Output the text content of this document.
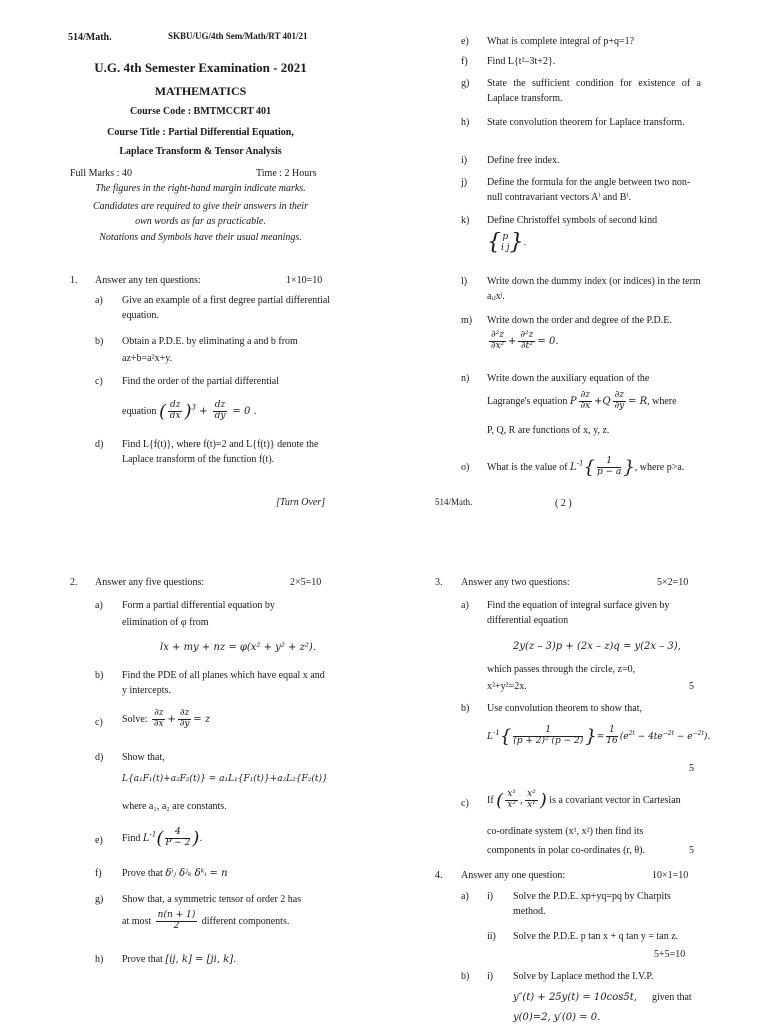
514/Math.	SKBU/UG/4th Sem/Math/RT 401/21
U.G. 4th Semester Examination - 2021
MATHEMATICS
Course Code : BMTMCCRT 401
Course Title : Partial Differential Equation,
Laplace Transform & Tensor Analysis
Full Marks : 40	Time : 2 Hours
The figures in the right-hand margin indicate marks.
Candidates are required to give their answers in their
own words as far as practicable.
Notations and Symbols have their usual meanings.
1. Answer any ten questions:	1×10=10
a) Give an example of a first degree partial differential equation.
b) Obtain a P.D.E. by eliminating a and b from
az+b=a²x+y.
c) Find the order of the partial differential
equation ( $\frac{dz}{dx} )^3 + \frac{dz}{dy} = 0$ .
d) Find L{f(t)}, where f(t)=2 and L{f(t)} denote the Laplace transform of the function f(t).
[Turn Over]
e) What is complete integral of p+q=1?
f) Find L{t²–3t+2}.
g) State the sufficient condition for existence of a Laplace transform.
h) State convolution theorem for Laplace transform.
i) Define free index.
j) Define the formula for the angle between two non-null contravariant vectors Aⁱ and Bⁱ.
k) Define Christoffel symbols of second kind
{p
i j}.
l) Write down the dummy index (or indices) in the term aᵢⱼxʲ.
m) Write down the order and degree of the P.D.E.
$\frac{\text{∂²z}}{\text{∂x²}} + \frac{\text{∂²z}}{\text{∂t²}} = 0$.
n) Write down the auxiliary equation of the
Lagrange's equation P $\frac{\partial z}{\partial x} +Q \frac{\partial z}{\partial y} = R$, where
P, Q, R are functions of x, y, z.
o) What is the value of $L^{-1}\{ \frac{1}{p - a}$ }, where p>a.
514/Math.	( 2 )
2. Answer any five questions:	2×5=10
a) Form a partial differential equation by
elimination of φ from
lx + my + nz = φ(x² + y² + z²).
b) Find the PDE of all planes which have equal x and y intercepts.
c) Solve: $\frac{\partial z}{\partial x} + \frac{\partial z}{\partial y} = z$
d) Show that,
L{a₁F₁(t)+a₂F₂(t)} = a₁L₁{F₁(t)}+a₂L₂{F₂(t)}
where a₁, a₂ are constants.
e) Find $L^{-1}( \frac{4}{P - 2}$ ).
f) Prove that δⁱⱼ δʲₖ δᵏᵢ = n
g) Show that, a symmetric tensor of order 2 has
at most $\frac{n(n + 1)}{2}$ different components.
h) Prove that [ij, k] = [ji, k].
3. Answer any two questions:	5×2=10
a) Find the equation of integral surface given by differential equation
2y(z – 3)p + (2x – z)q = y(2x – 3),
which passes through the circle, z=0,
x²+y²=2x.	5
b) Use convolution theorem to show that,
$L^{-1}\{ \frac{1}{\text{(p + 2)² (p − 2)}}$ }= $\frac{1}{16} (e^{2t} - 4te^{-2t} - e^{-2t})$.
5
c) If ( $\frac{\text{x¹}}{\text{x²}}$ , $\frac{\text{x²}}{\text{x¹}}$ ) is a covariant vector in Cartesian
co-ordinate system (x¹, x²) then find its
components in polar co-ordinates (r, θ).	5
4. Answer any one question:	10×1=10
a) i) Solve the P.D.E. xp+yq=pq by Charpits method.
ii) Solve the P.D.E. p tan x + q tan y = tan z.
5+5=10
b) i) Solve by Laplace method the I.V.P.
y″(t) + 25y(t) = 10cos5t, given that
y(0)=2, y′(0) = 0.
